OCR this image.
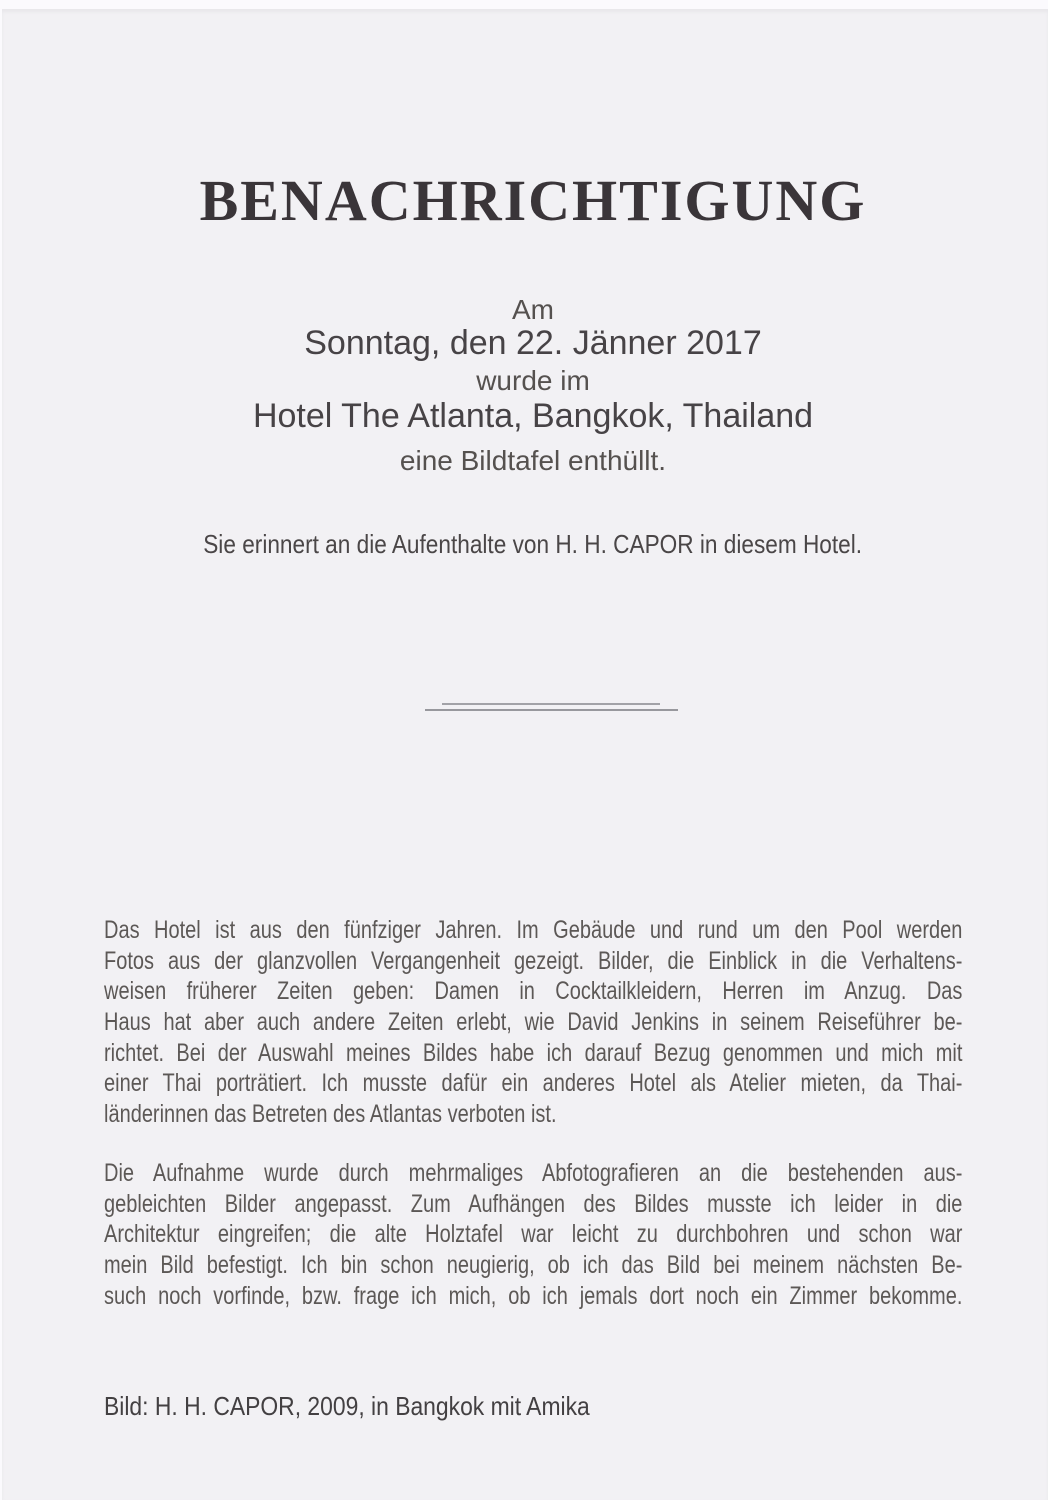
BENACHRICHTIGUNG
Am
Sonntag, den 22. Jänner 2017
wurde im
Hotel The Atlanta, Bangkok, Thailand
eine Bildtafel enthüllt.
Sie erinnert an die Aufenthalte von H. H. CAPOR in diesem Hotel.
Das Hotel ist aus den fünfziger Jahren. Im Gebäude und rund um den Pool werden
Fotos aus der glanzvollen Vergangenheit gezeigt. Bilder, die Einblick in die Verhaltens-
weisen früherer Zeiten geben: Damen in Cocktailkleidern, Herren im Anzug. Das
Haus hat aber auch andere Zeiten erlebt, wie David Jenkins in seinem Reiseführer be-
richtet. Bei der Auswahl meines Bildes habe ich darauf Bezug genommen und mich mit
einer Thai porträtiert. Ich musste dafür ein anderes Hotel als Atelier mieten, da Thai-
länderinnen das Betreten des Atlantas verboten ist.
Die Aufnahme wurde durch mehrmaliges Abfotografieren an die bestehenden aus-
gebleichten Bilder angepasst. Zum Aufhängen des Bildes musste ich leider in die
Architektur eingreifen; die alte Holztafel war leicht zu durchbohren und schon war
mein Bild befestigt. Ich bin schon neugierig, ob ich das Bild bei meinem nächsten Be-
such noch vorfinde, bzw. frage ich mich, ob ich jemals dort noch ein Zimmer bekomme.
Bild: H. H. CAPOR, 2009, in Bangkok mit Amika
